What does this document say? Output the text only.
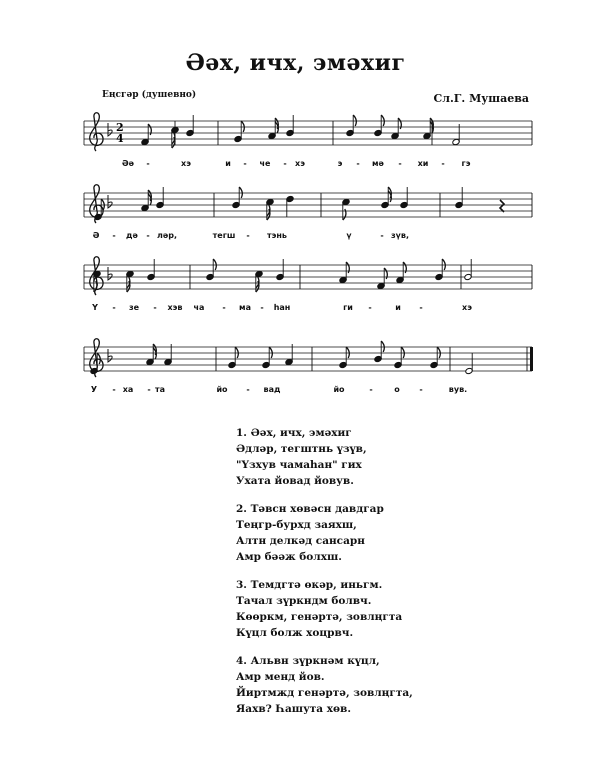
Әәх, ичх, эмәхиг
Еңсгәр (душевно)	Сл.Г. Мушаева
2
4
Әә -	хэ	и - че - хэ	э - мә - хи - гэ
Ә - дә - ләр,	тегш - тэнь	ү	- зүв,
Ү - зе - хэв ча - ма - һан	ги -	и -	хэ
У - ха - та	йо - вад	йо	-	о -	вув.
1. Әәх, ичх, эмәхиг
Әдләр, тегштнь үзүв,
"Үзхув чамаһан" гих
Ухата йовад йовув.
2. Тәвсн хөвәсн давдгар
Теңгр-бурхд заяхш,
Алтн делкәд сансарн
Амр бәәж болхш.
3. Темдгтә өкәр, иньгм.
Тачал зүркндм болвч.
Көөркм, генәртә, зовлңгта
Күцл болж хоцрвч.
4. Альвн зүркнәм күцл,
Амр менд йов.
Йиртмжд генәртә, зовлңгта,
Яахв? Һашута хөв.
